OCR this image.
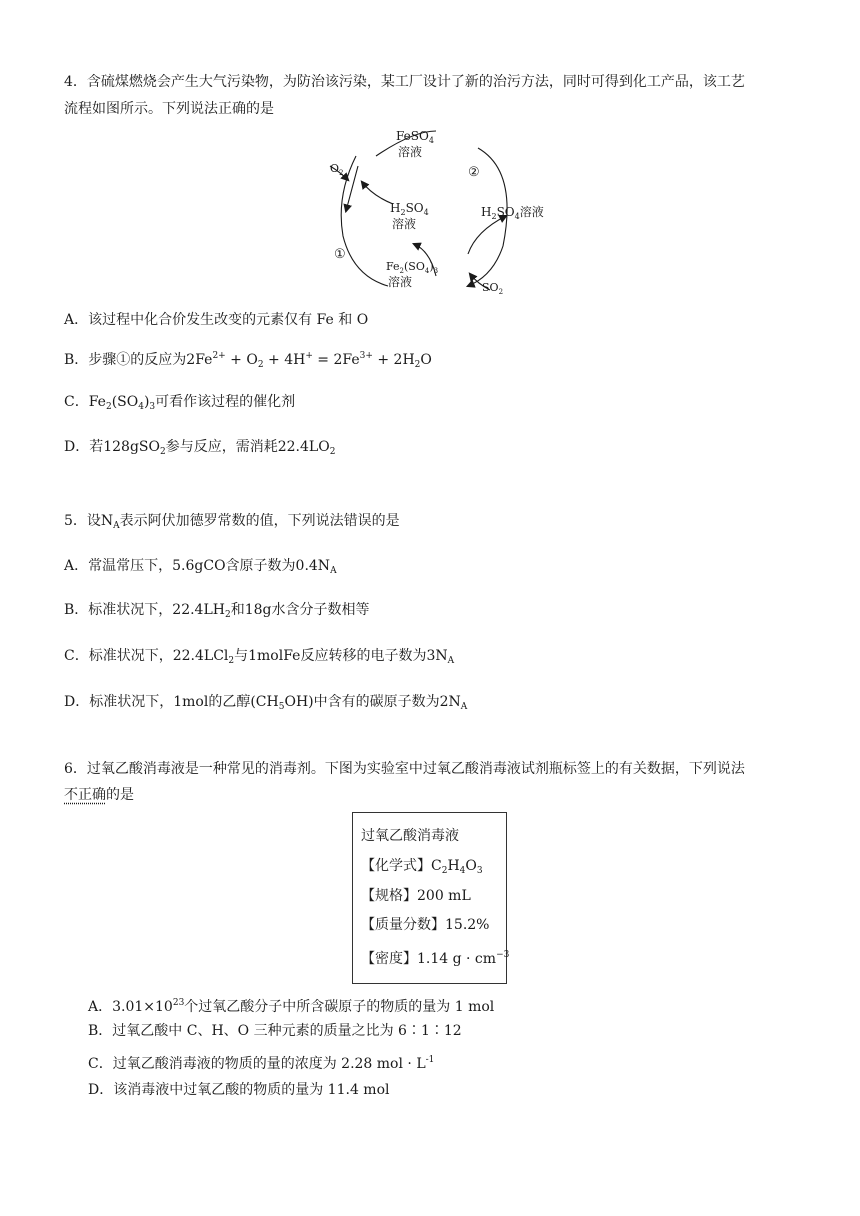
4．含硫煤燃烧会产生大气污染物，为防治该污染，某工厂设计了新的治污方法，同时可得到化工产品，该工艺
流程如图所示。下列说法正确的是
FeSO$_4$
溶液
$O_2$
$H_2SO_4$
溶液
①
②
$H_2SO_4$溶液
$Fe_2(SO_4)_3$
溶液	$SO_2$
A．该过程中化合价发生改变的元素仅有 Fe 和 O
B．步骤①的反应为$2Fe^{2+} + O_2 + 4H^+ = 2Fe^{3+} + 2H_2O$
C．$Fe_2(SO_4)_3$可看作该过程的催化剂
D．若128gSO$_2$参与反应，需消耗$22.4LO_2$
5．设$N_A$表示阿伏加德罗常数的值，下列说法错误的是
A．常温常压下，5.6gCO含原子数为$0.4N_A$
B．标准状况下，$22.4LH_2$和18g水含分子数相等
C．标准状况下，22.4LCl$_2$与1molFe反应转移的电子数为$3N_A$
D．标准状况下，1mol的乙醇$(CH_5OH)$中含有的碳原子数为$2N_A$
6．过氧乙酸消毒液是一种常见的消毒剂。下图为实验室中过氧乙酸消毒液试剂瓶标签上的有关数据，下列说法
不正确的是
过氧乙酸消毒液
【化学式】$C_2H_4O_3$
【规格】200 mL
【质量分数】15.2%
【密度】1.14 $g \cdot cm^{-3}$
A．$3.01\times 10^{23}$个过氧乙酸分子中所含碳原子的物质的量为 1 mol
B．过氧乙酸中 C、H、O 三种元素的质量之比为 6∶1∶12
C．过氧乙酸消毒液的物质的量的浓度为 2.28 mol · $L^{-1}$
D．该消毒液中过氧乙酸的物质的量为 11.4 mol
